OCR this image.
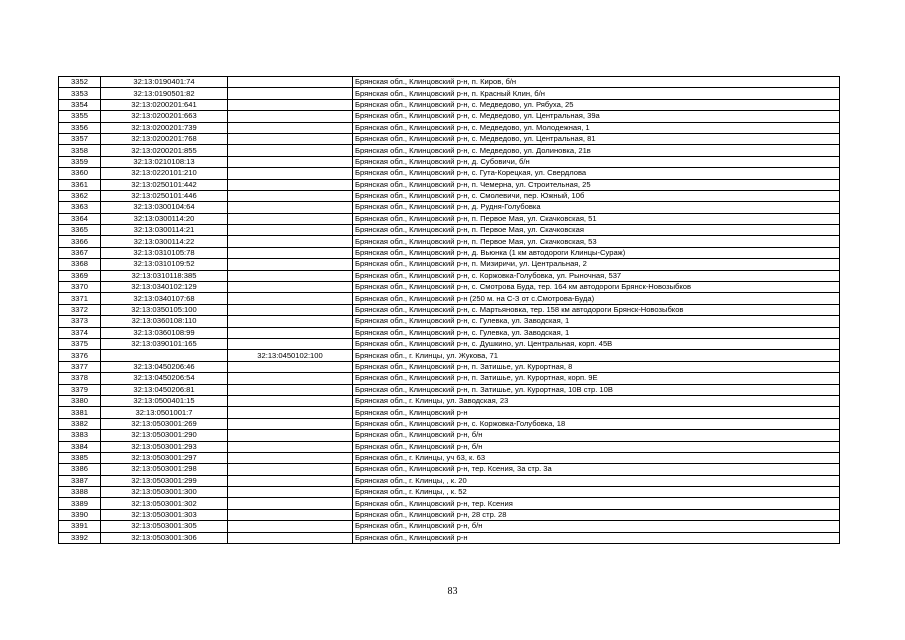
3352	32:13:0190401:74		Брянская обл., Клинцовский р-н, п. Киров, б/н
3353	32:13:0190501:82		Брянская обл., Клинцовский р-н, п. Красный Клин, б/н
3354	32:13:0200201:641		Брянская обл., Клинцовский р-н, с. Медведово, ул. Рябуха, 25
3355	32:13:0200201:663		Брянская обл., Клинцовский р-н, с. Медведово, ул. Центральная, 39а
3356	32:13:0200201:739		Брянская обл., Клинцовский р-н, с. Медведово, ул. Молодежная, 1
3357	32:13:0200201:768		Брянская обл., Клинцовский р-н, с. Медведово, ул. Центральная, 81
3358	32:13:0200201:855		Брянская обл., Клинцовский р-н, с. Медведово, ул. Долиновка, 21в
3359	32:13:0210108:13		Брянская обл., Клинцовский р-н, д. Субовичи, б/н
3360	32:13:0220101:210		Брянская обл., Клинцовский р-н, с. Гута-Корецкая, ул. Свердлова
3361	32:13:0250101:442		Брянская обл., Клинцовский р-н, п. Чемерна, ул. Строительная, 25
3362	32:13:0250101:446		Брянская обл., Клинцовский р-н, с. Смолевичи, пер. Южный, 10б
3363	32:13:0300104:64		Брянская обл., Клинцовский р-н, д. Рудня-Голубовка
3364	32:13:0300114:20		Брянская обл., Клинцовский р-н, п. Первое Мая, ул. Скачковская, 51
3365	32:13:0300114:21		Брянская обл., Клинцовский р-н, п. Первое Мая, ул. Скачковская
3366	32:13:0300114:22		Брянская обл., Клинцовский р-н, п. Первое Мая, ул. Скачковская, 53
3367	32:13:0310105:78		Брянская обл., Клинцовский р-н, д. Вьюнка (1 км автодороги Клинцы-Сураж)
3368	32:13:0310109:52		Брянская обл., Клинцовский р-н, п. Мизиричи, ул. Центральная, 2
3369	32:13:0310118:385		Брянская обл., Клинцовский р-н, с. Коржовка-Голубовка, ул. Рыночная, 537
3370	32:13:0340102:129		Брянская обл., Клинцовский р-н, с. Смотрова Буда, тер. 164 км автодороги Брянск-Новозыбков
3371	32:13:0340107:68		Брянская обл., Клинцовский р-н (250 м. на С-З от с.Смотрова-Буда)
3372	32:13:0350105:100		Брянская обл., Клинцовский р-н, с. Мартьяновка, тер. 158 км автодороги Брянск-Новозыбков
3373	32:13:0360108:110		Брянская обл., Клинцовский р-н, с. Гулевка, ул. Заводская, 1
3374	32:13:0360108:99		Брянская обл., Клинцовский р-н, с. Гулевка, ул. Заводская, 1
3375	32:13:0390101:165		Брянская обл., Клинцовский р-н, с. Душкино, ул. Центральная, корп. 45В
3376		32:13:0450102:100	Брянская обл., г. Клинцы, ул. Жукова, 71
3377	32:13:0450206:46		Брянская обл., Клинцовский р-н, п. Затишье, ул. Курортная, 8
3378	32:13:0450206:54		Брянская обл., Клинцовский р-н, п. Затишье, ул. Курортная, корп. 9Е
3379	32:13:0450206:81		Брянская обл., Клинцовский р-н, п. Затишье, ул. Курортная, 10В стр. 10В
3380	32:13:0500401:15		Брянская обл., г. Клинцы, ул. Заводская, 23
3381	32:13:0501001:7		Брянская обл., Клинцовский р-н
3382	32:13:0503001:269		Брянская обл., Клинцовский р-н, с. Коржовка-Голубовка, 18
3383	32:13:0503001:290		Брянская обл., Клинцовский р-н, б/н
3384	32:13:0503001:293		Брянская обл., Клинцовский р-н, б/н
3385	32:13:0503001:297		Брянская обл., г. Клинцы, уч 63, к. 63
3386	32:13:0503001:298		Брянская обл., Клинцовский р-н, тер. Ксения, 3а стр. 3а
3387	32:13:0503001:299		Брянская обл., г. Клинцы, , к. 20
3388	32:13:0503001:300		Брянская обл., г. Клинцы, , к. 52
3389	32:13:0503001:302		Брянская обл., Клинцовский р-н, тер. Ксения
3390	32:13:0503001:303		Брянская обл., Клинцовский р-н, 28 стр. 28
3391	32:13:0503001:305		Брянская обл., Клинцовский р-н, б/н
3392	32:13:0503001:306		Брянская обл., Клинцовский р-н
83
